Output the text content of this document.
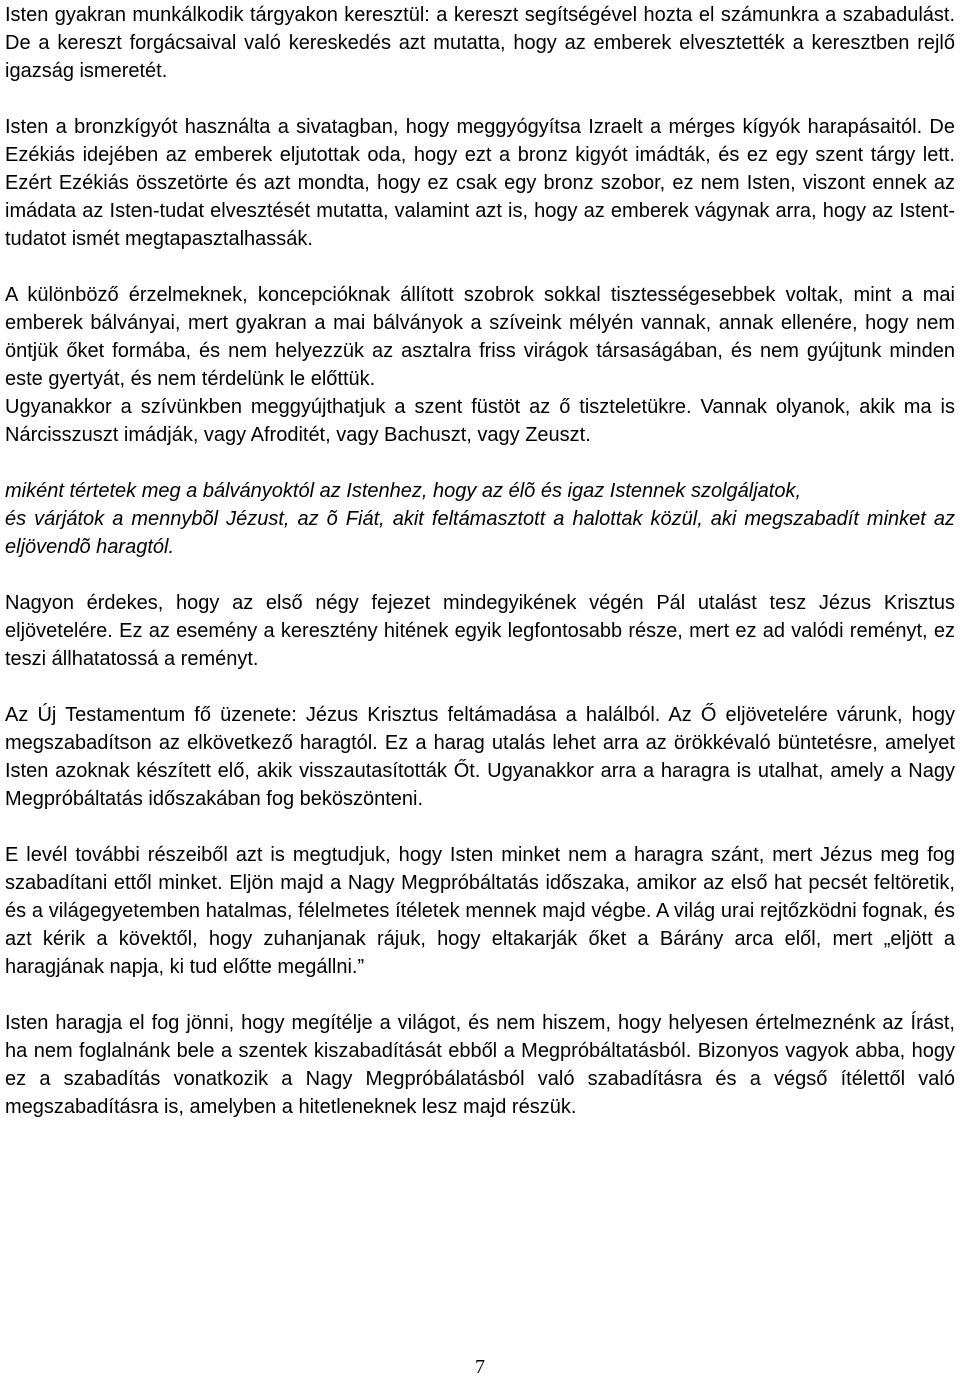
Isten gyakran munkálkodik tárgyakon keresztül: a kereszt segítségével hozta el számunkra a szabadulást. De a kereszt forgácsaival való kereskedés azt mutatta, hogy az emberek elvesztették a keresztben rejlő igazság ismeretét.

Isten a bronzkígyót használta a sivatagban, hogy meggyógyítsa Izraelt a mérges kígyók harapásaitól. De Ezékiás idejében az emberek eljutottak oda, hogy ezt a bronz kigyót imádták, és ez egy szent tárgy lett. Ezért Ezékiás összetörte és azt mondta, hogy ez csak egy bronz szobor, ez nem Isten, viszont ennek az imádata az Isten-tudat elvesztését mutatta, valamint azt is, hogy az emberek vágynak arra, hogy az Istent-tudatot ismét megtapasztalhassák.

A különböző érzelmeknek, koncepcióknak állított szobrok sokkal tisztességesebbek voltak, mint a mai emberek bálványai, mert gyakran a mai bálványok a szíveink mélyén vannak, annak ellenére, hogy nem öntjük őket formába, és nem helyezzük az asztalra friss virágok társaságában, és nem gyújtunk minden este gyertyát, és nem térdelünk le előttük.

Ugyanakkor a szívünkben meggyújthatjuk a szent füstöt az ő tiszteletükre. Vannak olyanok, akik ma is Nárcisszuszt imádják, vagy Afroditét, vagy Bachuszt, vagy Zeuszt.

miként tértetek meg a bálványoktól az Istenhez, hogy az élõ és igaz Istennek szolgáljatok,

és várjátok a mennybõl Jézust, az õ Fiát, akit feltámasztott a halottak közül, aki megszabadít minket az eljövendõ haragtól.

Nagyon érdekes, hogy az első négy fejezet mindegyikének végén Pál utalást tesz Jézus Krisztus eljövetelére. Ez az esemény a keresztény hitének egyik legfontosabb része, mert ez ad valódi reményt, ez teszi állhatatossá a reményt.

Az Új Testamentum fő üzenete: Jézus Krisztus feltámadása a halálból. Az Ő eljövetelére várunk, hogy megszabadítson az elkövetkező haragtól. Ez a harag utalás lehet arra az örökkévaló büntetésre, amelyet Isten azoknak készített elő, akik visszautasították Őt. Ugyanakkor arra a haragra is utalhat, amely a Nagy Megpróbáltatás időszakában fog beköszönteni.

E levél további részeiből azt is megtudjuk, hogy Isten minket nem a haragra szánt, mert Jézus meg fog szabadítani ettől minket. Eljön majd a Nagy Megpróbáltatás időszaka, amikor az első hat pecsét feltöretik, és a világegyetemben hatalmas, félelmetes ítéletek mennek majd végbe. A világ urai rejtőzködni fognak, és azt kérik a kövektől, hogy zuhanjanak rájuk, hogy eltakarják őket a Bárány arca elől, mert „eljött a haragjának napja, ki tud előtte megállni.”

Isten haragja el fog jönni, hogy megítélje a világot, és nem hiszem, hogy helyesen értelmeznénk az Írást, ha nem foglalnánk bele a szentek kiszabadítását ebből a Megpróbáltatásból. Bizonyos vagyok abba, hogy ez a szabadítás vonatkozik a Nagy Megpróbálatásból való szabadításra és a végső ítélettől való megszabadításra is, amelyben a hitetleneknek lesz majd részük.

7
